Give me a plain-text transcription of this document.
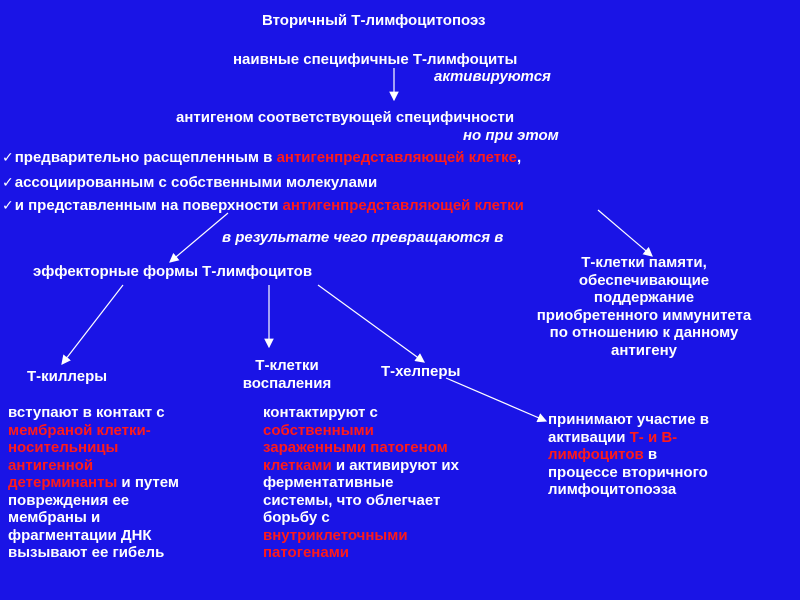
Вторичный Т-лимфоцитопоэз
наивные специфичные Т-лимфоциты
активируются
антигеном соответствующей специфичности
но при этом
✓предварительно расщепленным в антигенпредставляющей клетке,
✓ассоциированным с собственными молекулами
✓и представленным на поверхности антигенпредставляющей клетки
в результате чего превращаются в
эффекторные формы Т-лимфоцитов
Т-клетки памяти,
обеспечивающие
поддержание
приобретенного иммунитета
по отношению к данному
антигену
Т-киллеры
Т-клетки
воспаления
Т-хелперы
вступают в контакт с
мембраной клетки-
носительницы
антигенной
детерминанты и путем
повреждения ее
мембраны и
фрагментации ДНК
вызывают ее гибель
контактируют с
собственными
зараженными патогеном
клетками и активируют их
ферментативные
системы, что облегчает
борьбу с
внутриклеточными
патогенами
принимают участие в
активации Т- и В-
лимфоцитов в
процессе вторичного
лимфоцитопоэза
